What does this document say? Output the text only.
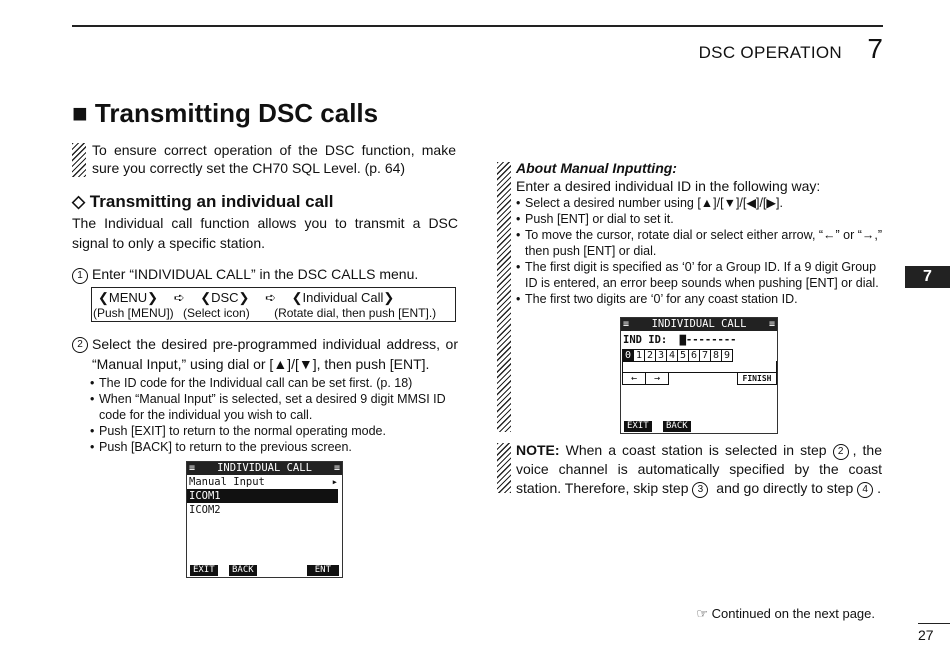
DSC OPERATION 7
■ Transmitting DSC calls
To ensure correct operation of the DSC function, make sure you correctly set the CH70 SQL Level. (p. 64)
◇ Transmitting an individual call
The Individual call function allows you to transmit a DSC signal to only a specific station.
1 Enter “INDIVIDUAL CALL” in the DSC CALLS menu.
❮MENU❯ ➪ ❮DSC❯ ➪ ❮Individual Call❯
(Push [MENU]) (Select icon) (Rotate dial, then push [ENT].)
2 Select the desired pre-programmed individual address, or “Manual Input,” using dial or [▲]/[▼], then push [ENT].
• The ID code for the Individual call can be set first. (p. 18)
• When “Manual Input” is selected, set a desired 9 digit MMSI ID code for the individual you wish to call.
• Push [EXIT] to return to the normal operating mode.
• Push [BACK] to return to the previous screen.
≡ INDIVIDUAL CALL ≡
Manual Input	▸
ICOM1
ICOM2
EXIT	BACK	ENT
About Manual Inputting:
Enter a desired individual ID in the following way:
• Select a desired number using [▲]/[▼]/[◀]/[▶].
• Push [ENT] or dial to set it.
• To move the cursor, rotate dial or select either arrow, “←” or “→,” then push [ENT] or dial.
• The first digit is specified as ‘0’ for a Group ID. If a 9 digit Group ID is entered, an error beep sounds when pushing [ENT] or dial.
• The first two digits are ‘0’ for any coast station ID.
≡ INDIVIDUAL CALL ≡
IND ID: ▇--------
0 1 2 3 4 5 6 7 8 9
←	→	FINISH
EXIT	BACK
NOTE: When a coast station is selected in step 2 , the voice channel is automatically specified by the coast station. Therefore, skip step 3 and go directly to step 4 .
7
☞ Continued on the next page.
27
